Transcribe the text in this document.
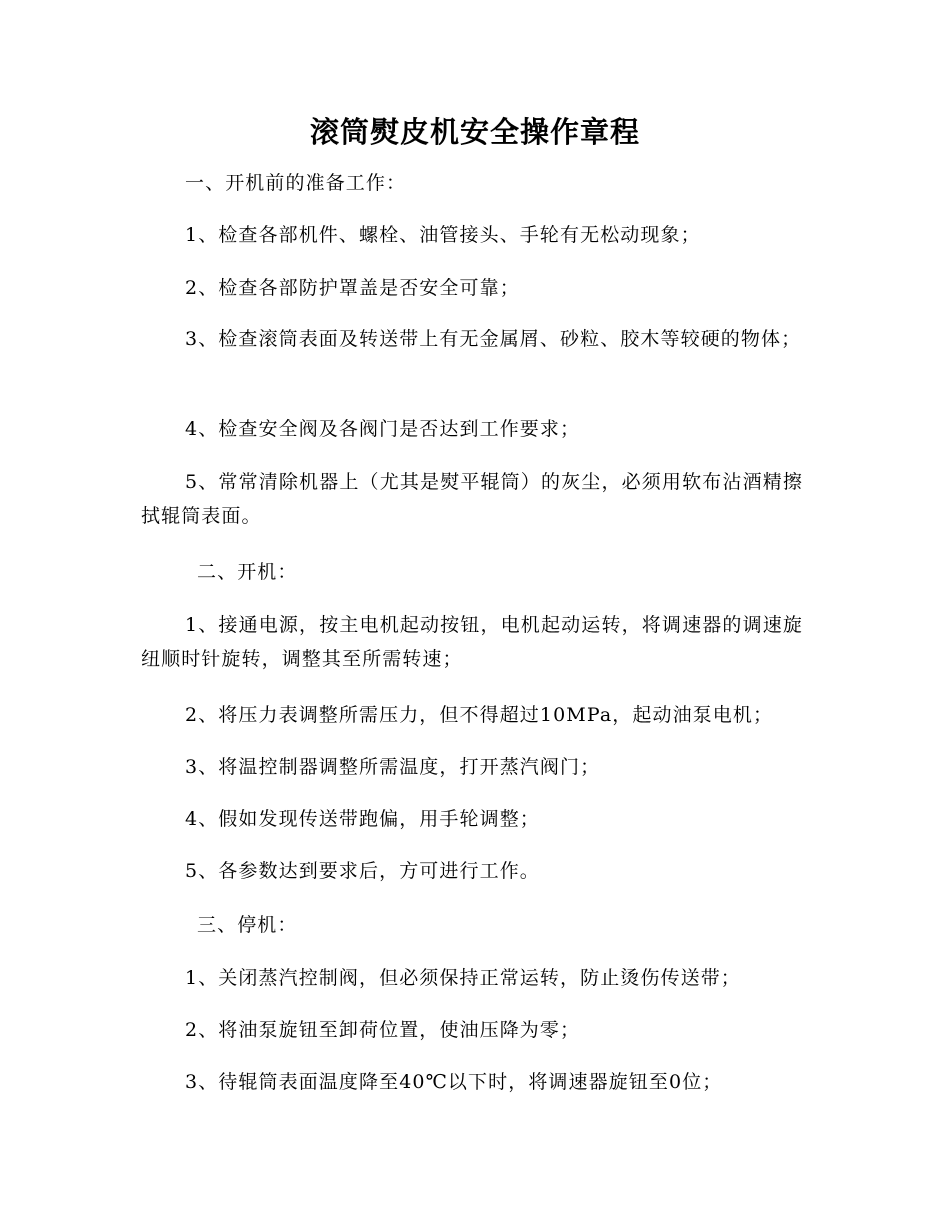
滚筒熨皮机安全操作章程

一、开机前的准备工作：

1、检查各部机件、螺栓、油管接头、手轮有无松动现象；

2、检查各部防护罩盖是否安全可靠；

3、检查滚筒表面及转送带上有无金属屑、砂粒、胶木等较硬的物体；

4、检查安全阀及各阀门是否达到工作要求；

5、常常清除机器上（尤其是熨平辊筒）的灰尘，必须用软布沾酒精擦拭辊筒表面。

二、开机：

1、接通电源，按主电机起动按钮，电机起动运转，将调速器的调速旋纽顺时针旋转，调整其至所需转速；

2、将压力表调整所需压力，但不得超过10MPa，起动油泵电机；

3、将温控制器调整所需温度，打开蒸汽阀门；

4、假如发现传送带跑偏，用手轮调整；

5、各参数达到要求后，方可进行工作。

三、停机：

1、关闭蒸汽控制阀，但必须保持正常运转，防止烫伤传送带；

2、将油泵旋钮至卸荷位置，使油压降为零；

3、待辊筒表面温度降至40℃以下时，将调速器旋钮至0位；
